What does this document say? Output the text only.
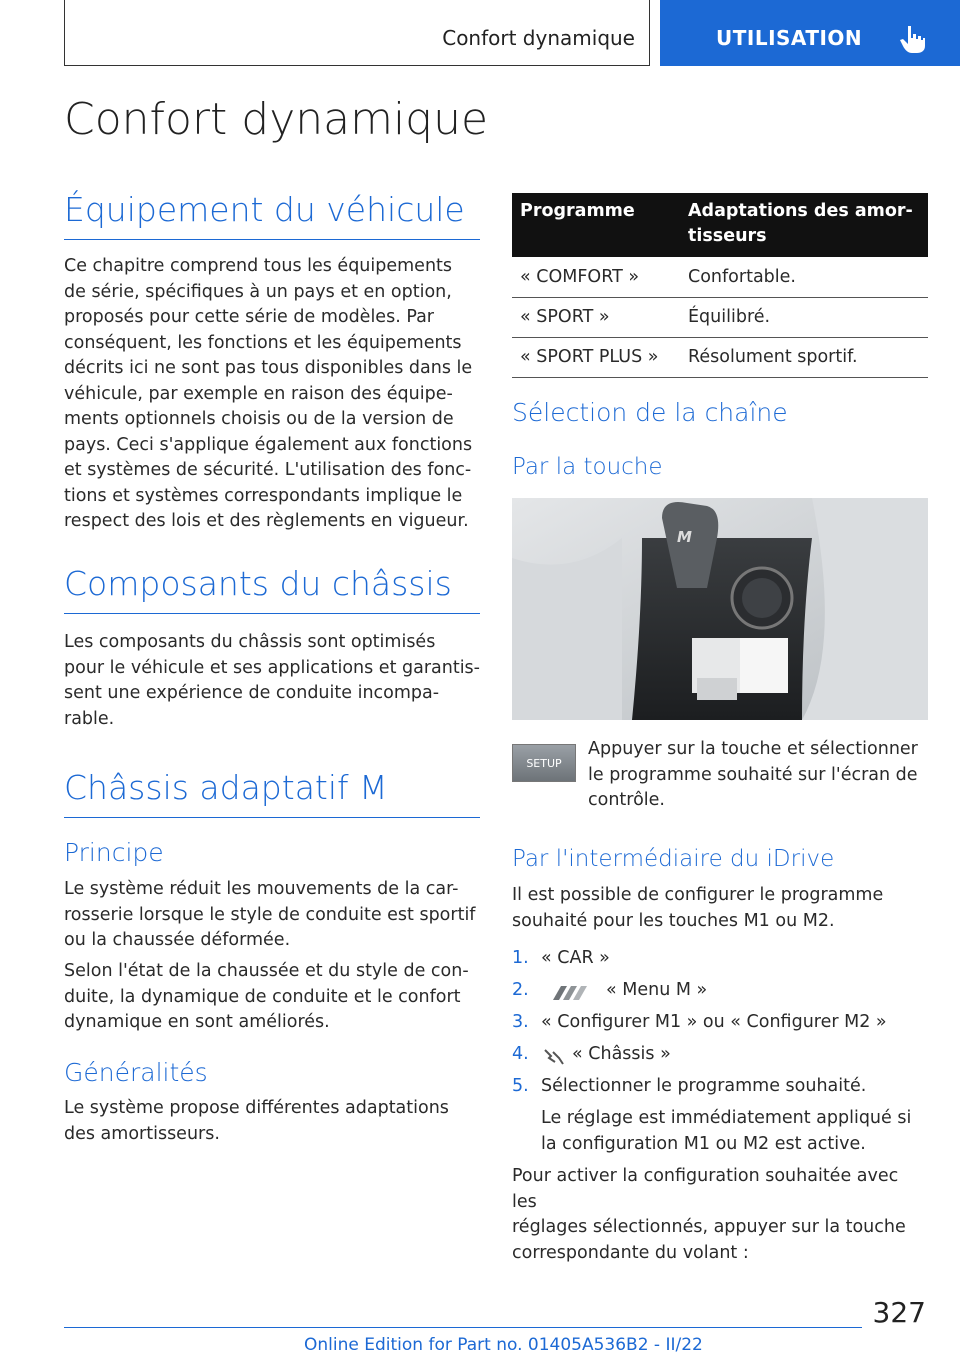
Confort dynamique	UTILISATION
Confort dynamique
Équipement du véhicule
Ce chapitre comprend tous les équipements
de série, spécifiques à un pays et en option,
proposés pour cette série de modèles. Par
conséquent, les fonctions et les équipements
décrits ici ne sont pas tous disponibles dans le
véhicule, par exemple en raison des équipe-
ments optionnels choisis ou de la version de
pays. Ceci s'applique également aux fonctions
et systèmes de sécurité. L'utilisation des fonc-
tions et systèmes correspondants implique le
respect des lois et des règlements en vigueur.
Composants du châssis
Les composants du châssis sont optimisés
pour le véhicule et ses applications et garantis-
sent une expérience de conduite incompa-
rable.
Châssis adaptatif M
Principe
Le système réduit les mouvements de la car-
rosserie lorsque le style de conduite est sportif
ou la chaussée déformée.
Selon l'état de la chaussée et du style de con-
duite, la dynamique de conduite et le confort
dynamique en sont améliorés.
Généralités
Le système propose différentes adaptations
des amortisseurs.
Programme	Adaptations des amor-
tisseurs

« COMFORT »	Confortable.
« SPORT »	Équilibré.
« SPORT PLUS »	Résolument sportif.
Sélection de la chaîne
Par la touche
M
SETUP
Appuyer sur la touche et sélectionner
le programme souhaité sur l'écran de
contrôle.
Par l'intermédiaire du iDrive
Il est possible de configurer le programme
souhaité pour les touches M1 ou M2.
1. « CAR »
2.	« Menu M »
3. « Configurer M1 » ou « Configurer M2 »
4. « Châssis »
5. Sélectionner le programme souhaité.
Le réglage est immédiatement appliqué si
la configuration M1 ou M2 est active.
Pour activer la configuration souhaitée avec les
réglages sélectionnés, appuyer sur la touche
correspondante du volant :
327
Online Edition for Part no. 01405A536B2 - II/22
